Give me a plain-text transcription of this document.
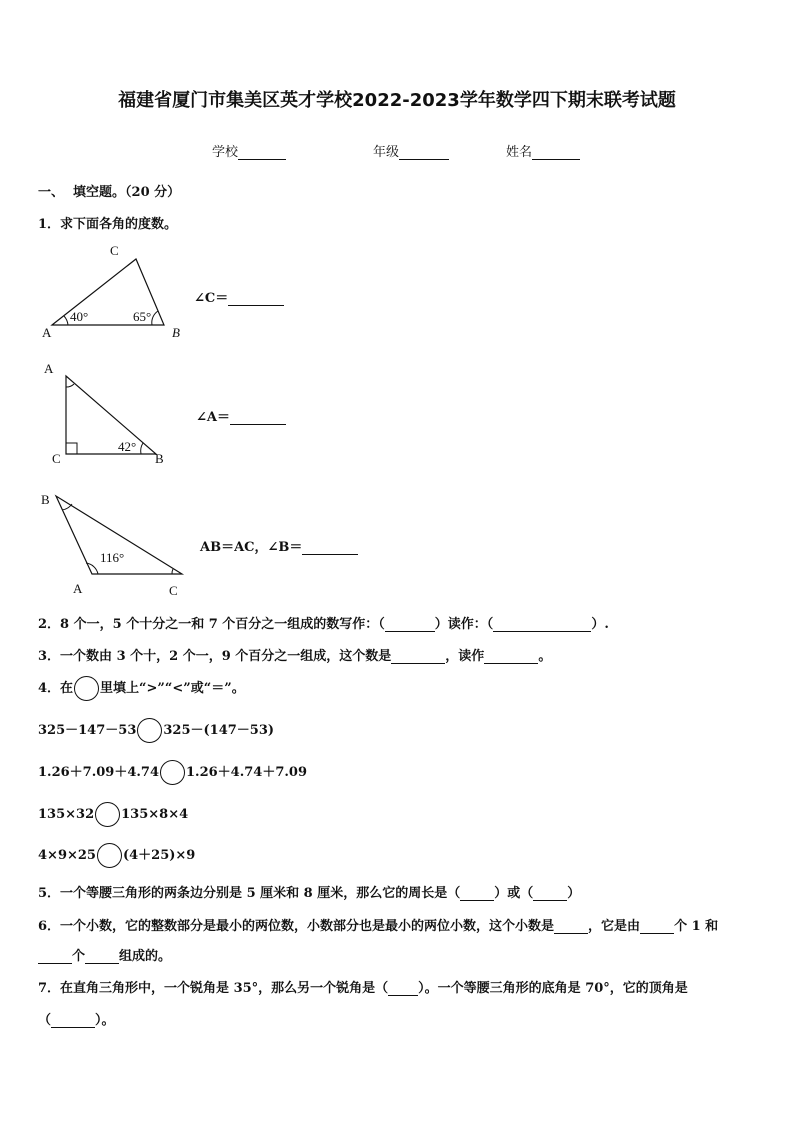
福建省厦门市集美区英才学校2022-2023学年数学四下期末联考试题
学校	年级	姓名
一、  填空题。（20 分）
1．求下面各角的度数。
C
A	B
40°	65°
∠C＝
A
C	B
42°
∠A＝
B
A	C
116°
AB＝AC，∠B＝
2．8 个一，5 个十分之一和 7 个百分之一组成的数写作：（	）读作：（	）.
3．一个数由 3 个十，2 个一，9 个百分之一组成，这个数是	，读作	。
4．在 里填上“>”“<”或“＝”。
325－147－53 325－(147－53)
1.26＋7.09＋4.74 1.26＋4.74＋7.09
135×32 135×8×4
4×9×25 (4＋25)×9
5．一个等腰三角形的两条边分别是 5 厘米和 8 厘米，那么它的周长是（	）或（	）
6．一个小数，它的整数部分是最小的两位数，小数部分也是最小的两位小数，这个小数是	，它是由	个 1 和
个	组成的。
7．在直角三角形中，一个锐角是 35°，那么另一个锐角是（ ）。一个等腰三角形的底角是 70°，它的顶角是
（	）。
